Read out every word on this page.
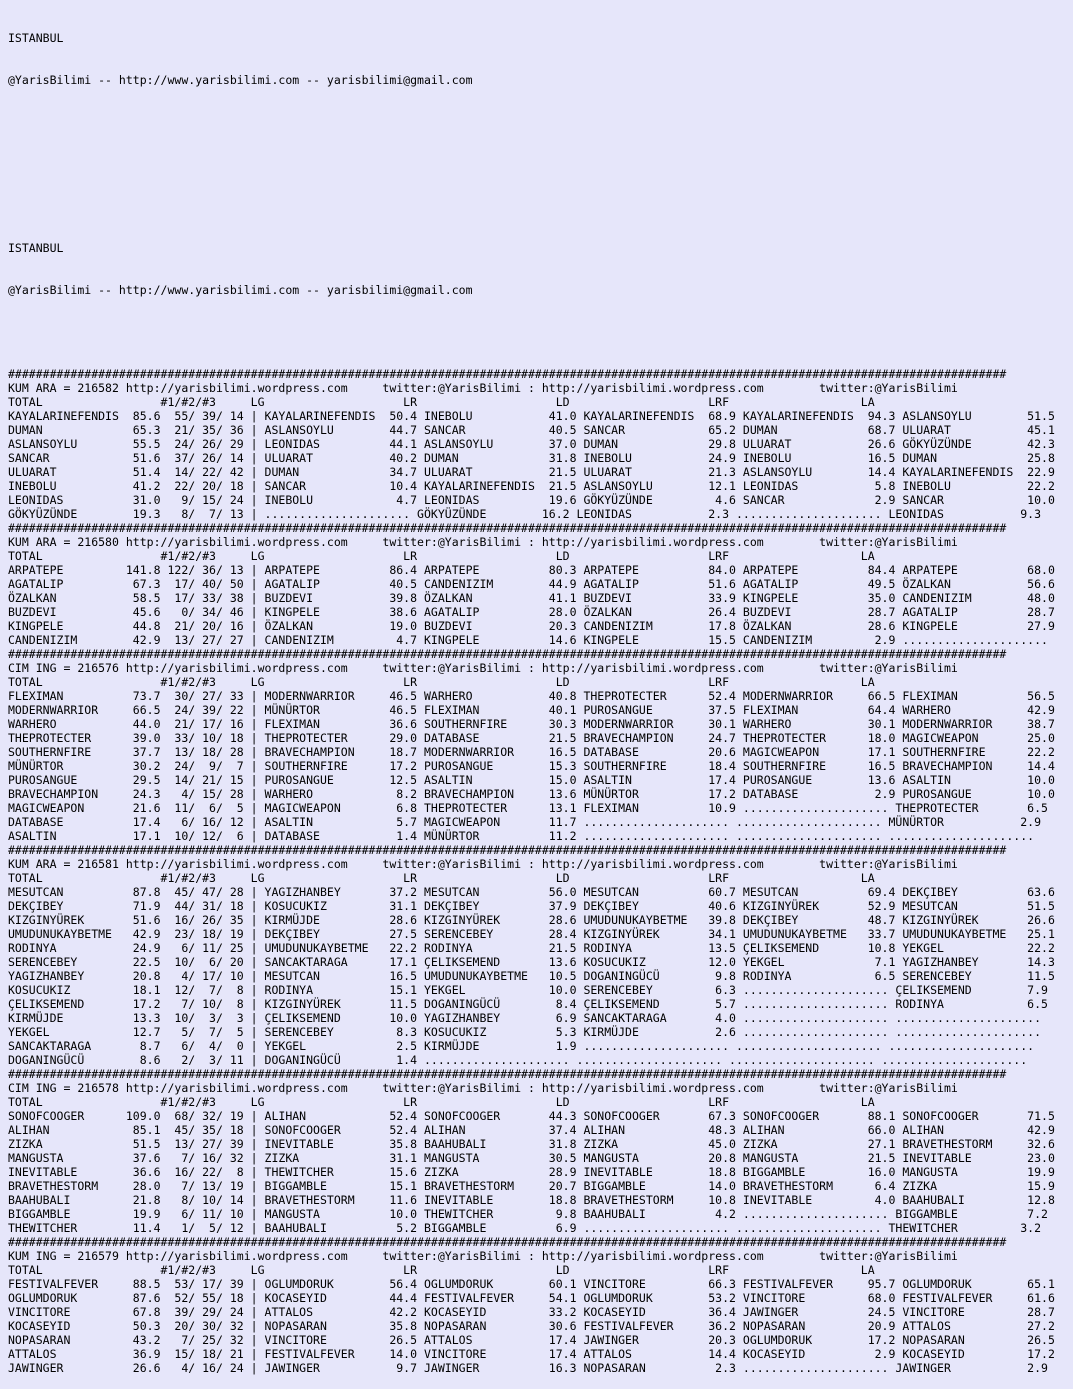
ISTANBUL

@YarisBilimi -- http://www.yarisbilimi.com -- yarisbilimi@gmail.com

ISTANBUL

@YarisBilimi -- http://www.yarisbilimi.com -- yarisbilimi@gmail.com

################################################################################################################################################
KUM ARA = 216582 http://yarisbilimi.wordpress.com     twitter:@YarisBilimi : http://yarisbilimi.wordpress.com        twitter:@YarisBilimi
TOTAL                 #1/#2/#3     LG                    LR                    LD                    LRF                   LA
KAYALARINEFENDIS  85.6  55/ 39/ 14 | KAYALARINEFENDIS  50.4 INEBOLU           41.0 KAYALARINEFENDIS  68.9 KAYALARINEFENDIS  94.3 ASLANSOYLU        51.5
DUMAN             65.3  21/ 35/ 36 | ASLANSOYLU        44.7 SANCAR            40.5 SANCAR            65.2 DUMAN             68.7 ULUARAT           45.1
ASLANSOYLU        55.5  24/ 26/ 29 | LEONIDAS          44.1 ASLANSOYLU        37.0 DUMAN             29.8 ULUARAT           26.6 GÖKYÜZÜNDE        42.3
SANCAR            51.6  37/ 26/ 14 | ULUARAT           40.2 DUMAN             31.8 INEBOLU           24.9 INEBOLU           16.5 DUMAN             25.8
ULUARAT           51.4  14/ 22/ 42 | DUMAN             34.7 ULUARAT           21.5 ULUARAT           21.3 ASLANSOYLU        14.4 KAYALARINEFENDIS  22.9
INEBOLU           41.2  22/ 20/ 18 | SANCAR            10.4 KAYALARINEFENDIS  21.5 ASLANSOYLU        12.1 LEONIDAS           5.8 INEBOLU           22.2
LEONIDAS          31.0   9/ 15/ 24 | INEBOLU            4.7 LEONIDAS          19.6 GÖKYÜZÜNDE         4.6 SANCAR             2.9 SANCAR            10.0
GÖKYÜZÜNDE        19.3   8/  7/ 13 | ..................... GÖKYÜZÜNDE        16.2 LEONIDAS           2.3 ..................... LEONIDAS           9.3
################################################################################################################################################
KUM ARA = 216580 http://yarisbilimi.wordpress.com     twitter:@YarisBilimi : http://yarisbilimi.wordpress.com        twitter:@YarisBilimi
TOTAL                 #1/#2/#3     LG                    LR                    LD                    LRF                   LA
ARPATEPE         141.8 122/ 36/ 13 | ARPATEPE          86.4 ARPATEPE          80.3 ARPATEPE          84.0 ARPATEPE          84.4 ARPATEPE          68.0
AGATALIP          67.3  17/ 40/ 50 | AGATALIP          40.5 CANDENIZIM        44.9 AGATALIP          51.6 AGATALIP          49.5 ÖZALKAN           56.6
ÖZALKAN           58.5  17/ 33/ 38 | BUZDEVI           39.8 ÖZALKAN           41.1 BUZDEVI           33.9 KINGPELE          35.0 CANDENIZIM        48.0
BUZDEVI           45.6   0/ 34/ 46 | KINGPELE          38.6 AGATALIP          28.0 ÖZALKAN           26.4 BUZDEVI           28.7 AGATALIP          28.7
KINGPELE          44.8  21/ 20/ 16 | ÖZALKAN           19.0 BUZDEVI           20.3 CANDENIZIM        17.8 ÖZALKAN           28.6 KINGPELE          27.9
CANDENIZIM        42.9  13/ 27/ 27 | CANDENIZIM         4.7 KINGPELE          14.6 KINGPELE          15.5 CANDENIZIM         2.9 .....................
################################################################################################################################################
CIM ING = 216576 http://yarisbilimi.wordpress.com     twitter:@YarisBilimi : http://yarisbilimi.wordpress.com        twitter:@YarisBilimi
TOTAL                 #1/#2/#3     LG                    LR                    LD                    LRF                   LA
FLEXIMAN          73.7  30/ 27/ 33 | MODERNWARRIOR     46.5 WARHERO           40.8 THEPROTECTER      52.4 MODERNWARRIOR     66.5 FLEXIMAN          56.5
MODERNWARRIOR     66.5  24/ 39/ 22 | MÜNÜRTOR          46.5 FLEXIMAN          40.1 PUROSANGUE        37.5 FLEXIMAN          64.4 WARHERO           42.9
WARHERO           44.0  21/ 17/ 16 | FLEXIMAN          36.6 SOUTHERNFIRE      30.3 MODERNWARRIOR     30.1 WARHERO           30.1 MODERNWARRIOR     38.7
THEPROTECTER      39.0  33/ 10/ 18 | THEPROTECTER      29.0 DATABASE          21.5 BRAVECHAMPION     24.7 THEPROTECTER      18.0 MAGICWEAPON       25.0
SOUTHERNFIRE      37.7  13/ 18/ 28 | BRAVECHAMPION     18.7 MODERNWARRIOR     16.5 DATABASE          20.6 MAGICWEAPON       17.1 SOUTHERNFIRE      22.2
MÜNÜRTOR          30.2  24/  9/  7 | SOUTHERNFIRE      17.2 PUROSANGUE        15.3 SOUTHERNFIRE      18.4 SOUTHERNFIRE      16.5 BRAVECHAMPION     14.4
PUROSANGUE        29.5  14/ 21/ 15 | PUROSANGUE        12.5 ASALTIN           15.0 ASALTIN           17.4 PUROSANGUE        13.6 ASALTIN           10.0
BRAVECHAMPION     24.3   4/ 15/ 28 | WARHERO            8.2 BRAVECHAMPION     13.6 MÜNÜRTOR          17.2 DATABASE           2.9 PUROSANGUE        10.0
MAGICWEAPON       21.6  11/  6/  5 | MAGICWEAPON        6.8 THEPROTECTER      13.1 FLEXIMAN          10.9 ..................... THEPROTECTER       6.5
DATABASE          17.4   6/ 16/ 12 | ASALTIN            5.7 MAGICWEAPON       11.7 ..................... ..................... MÜNÜRTOR           2.9
ASALTIN           17.1  10/ 12/  6 | DATABASE           1.4 MÜNÜRTOR          11.2 ..................... ..................... .....................
################################################################################################################################################
KUM ARA = 216581 http://yarisbilimi.wordpress.com     twitter:@YarisBilimi : http://yarisbilimi.wordpress.com        twitter:@YarisBilimi
TOTAL                 #1/#2/#3     LG                    LR                    LD                    LRF                   LA
MESUTCAN          87.8  45/ 47/ 28 | YAGIZHANBEY       37.2 MESUTCAN          56.0 MESUTCAN          60.7 MESUTCAN          69.4 DEKÇIBEY          63.6
DEKÇIBEY          71.9  44/ 31/ 18 | KOSUCUKIZ         31.1 DEKÇIBEY          37.9 DEKÇIBEY          40.6 KIZGINYÜREK       52.9 MESUTCAN          51.5
KIZGINYÜREK       51.6  16/ 26/ 35 | KIRMÜJDE          28.6 KIZGINYÜREK       28.6 UMUDUNUKAYBETME   39.8 DEKÇIBEY          48.7 KIZGINYÜREK       26.6
UMUDUNUKAYBETME   42.9  23/ 18/ 19 | DEKÇIBEY          27.5 SERENCEBEY        28.4 KIZGINYÜREK       34.1 UMUDUNUKAYBETME   33.7 UMUDUNUKAYBETME   25.1
RODINYA           24.9   6/ 11/ 25 | UMUDUNUKAYBETME   22.2 RODINYA           21.5 RODINYA           13.5 ÇELIKSEMEND       10.8 YEKGEL            22.2
SERENCEBEY        22.5  10/  6/ 20 | SANCAKTARAGA      17.1 ÇELIKSEMEND       13.6 KOSUCUKIZ         12.0 YEKGEL             7.1 YAGIZHANBEY       14.3
YAGIZHANBEY       20.8   4/ 17/ 10 | MESUTCAN          16.5 UMUDUNUKAYBETME   10.5 DOGANINGÜCÜ        9.8 RODINYA            6.5 SERENCEBEY        11.5
KOSUCUKIZ         18.1  12/  7/  8 | RODINYA           15.1 YEKGEL            10.0 SERENCEBEY         6.3 ..................... ÇELIKSEMEND        7.9
ÇELIKSEMEND       17.2   7/ 10/  8 | KIZGINYÜREK       11.5 DOGANINGÜCÜ        8.4 ÇELIKSEMEND        5.7 ..................... RODINYA            6.5
KIRMÜJDE          13.3  10/  3/  3 | ÇELIKSEMEND       10.0 YAGIZHANBEY        6.9 SANCAKTARAGA       4.0 ..................... .....................
YEKGEL            12.7   5/  7/  5 | SERENCEBEY         8.3 KOSUCUKIZ          5.3 KIRMÜJDE           2.6 ..................... .....................
SANCAKTARAGA       8.7   6/  4/  0 | YEKGEL             2.5 KIRMÜJDE           1.9 ..................... ..................... .....................
DOGANINGÜCÜ        8.6   2/  3/ 11 | DOGANINGÜCÜ        1.4 ..................... ..................... ..................... .....................
################################################################################################################################################
CIM ING = 216578 http://yarisbilimi.wordpress.com     twitter:@YarisBilimi : http://yarisbilimi.wordpress.com        twitter:@YarisBilimi
TOTAL                 #1/#2/#3     LG                    LR                    LD                    LRF                   LA
SONOFCOOGER      109.0  68/ 32/ 19 | ALIHAN            52.4 SONOFCOOGER       44.3 SONOFCOOGER       67.3 SONOFCOOGER       88.1 SONOFCOOGER       71.5
ALIHAN            85.1  45/ 35/ 18 | SONOFCOOGER       52.4 ALIHAN            37.4 ALIHAN            48.3 ALIHAN            66.0 ALIHAN            42.9
ZIZKA             51.5  13/ 27/ 39 | INEVITABLE        35.8 BAAHUBALI         31.8 ZIZKA             45.0 ZIZKA             27.1 BRAVETHESTORM     32.6
MANGUSTA          37.6   7/ 16/ 32 | ZIZKA             31.1 MANGUSTA          30.5 MANGUSTA          20.8 MANGUSTA          21.5 INEVITABLE        23.0
INEVITABLE        36.6  16/ 22/  8 | THEWITCHER        15.6 ZIZKA             28.9 INEVITABLE        18.8 BIGGAMBLE         16.0 MANGUSTA          19.9
BRAVETHESTORM     28.0   7/ 13/ 19 | BIGGAMBLE         15.1 BRAVETHESTORM     20.7 BIGGAMBLE         14.0 BRAVETHESTORM      6.4 ZIZKA             15.9
BAAHUBALI         21.8   8/ 10/ 14 | BRAVETHESTORM     11.6 INEVITABLE        18.8 BRAVETHESTORM     10.8 INEVITABLE         4.0 BAAHUBALI         12.8
BIGGAMBLE         19.9   6/ 11/ 10 | MANGUSTA          10.0 THEWITCHER         9.8 BAAHUBALI          4.2 ..................... BIGGAMBLE          7.2
THEWITCHER        11.4   1/  5/ 12 | BAAHUBALI          5.2 BIGGAMBLE          6.9 ..................... ..................... THEWITCHER         3.2
################################################################################################################################################
KUM ING = 216579 http://yarisbilimi.wordpress.com     twitter:@YarisBilimi : http://yarisbilimi.wordpress.com        twitter:@YarisBilimi
TOTAL                 #1/#2/#3     LG                    LR                    LD                    LRF                   LA
FESTIVALFEVER     88.5  53/ 17/ 39 | OGLUMDORUK        56.4 OGLUMDORUK        60.1 VINCITORE         66.3 FESTIVALFEVER     95.7 OGLUMDORUK        65.1
OGLUMDORUK        87.6  52/ 55/ 18 | KOCASEYID         44.4 FESTIVALFEVER     54.1 OGLUMDORUK        53.2 VINCITORE         68.0 FESTIVALFEVER     61.6
VINCITORE         67.8  39/ 29/ 24 | ATTALOS           42.2 KOCASEYID         33.2 KOCASEYID         36.4 JAWINGER          24.5 VINCITORE         28.7
KOCASEYID         50.3  20/ 30/ 32 | NOPASARAN         35.8 NOPASARAN         30.6 FESTIVALFEVER     36.2 NOPASARAN         20.9 ATTALOS           27.2
NOPASARAN         43.2   7/ 25/ 32 | VINCITORE         26.5 ATTALOS           17.4 JAWINGER          20.3 OGLUMDORUK        17.2 NOPASARAN         26.5
ATTALOS           36.9  15/ 18/ 21 | FESTIVALFEVER     14.0 VINCITORE         17.4 ATTALOS           14.4 KOCASEYID          2.9 KOCASEYID         17.2
JAWINGER          26.6   4/ 16/ 24 | JAWINGER           9.7 JAWINGER          16.3 NOPASARAN          2.3 ..................... JAWINGER           2.9
